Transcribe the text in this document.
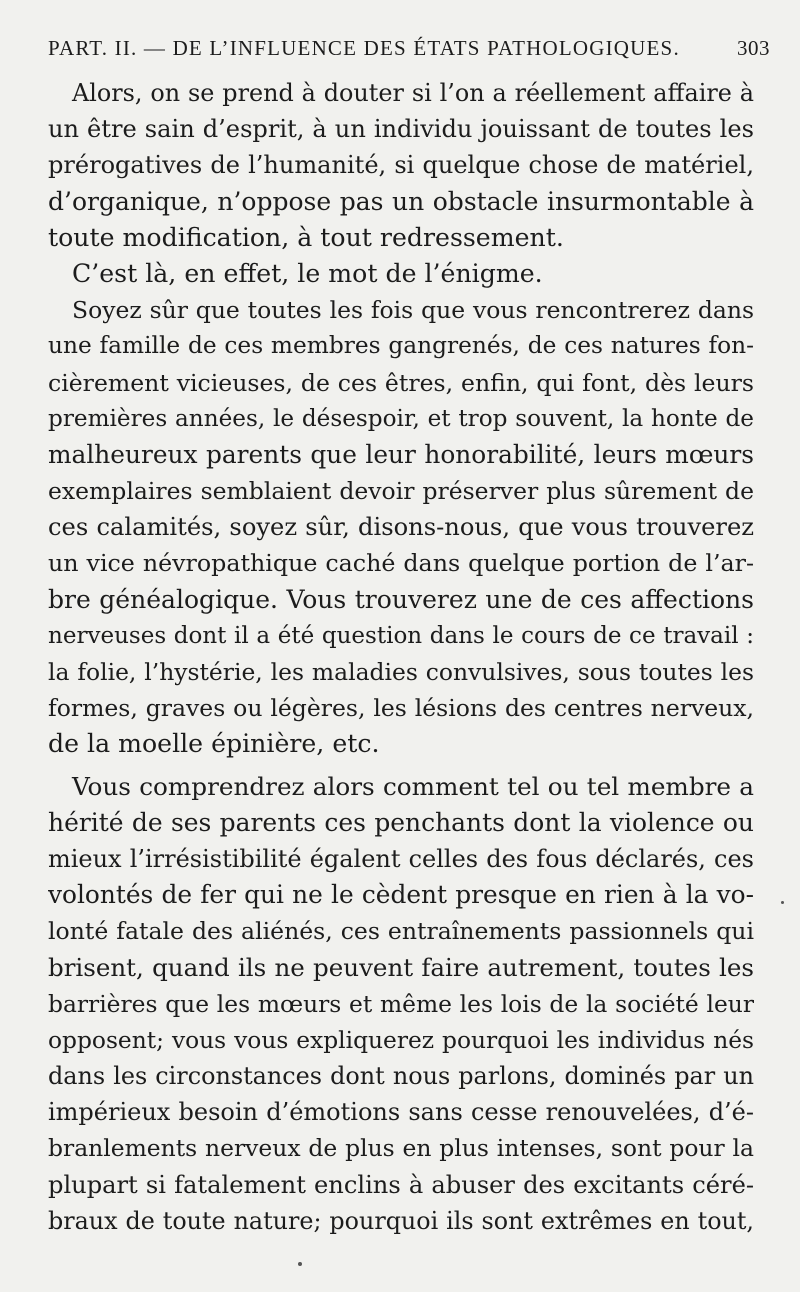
PART. II. — DE L’INFLUENCE DES ÉTATS PATHOLOGIQUES.	303
Alors, on se prend à douter si l’on a réellement affaire à
un être sain d’esprit, à un individu jouissant de toutes les
prérogatives de l’humanité, si quelque chose de matériel,
d’organique, n’oppose pas un obstacle insurmontable à
toute modification, à tout redressement.
C’est là, en effet, le mot de l’énigme.
Soyez sûr que toutes les fois que vous rencontrerez dans
une famille de ces membres gangrenés, de ces natures fon-
cièrement vicieuses, de ces êtres, enfin, qui font, dès leurs
premières années, le désespoir, et trop souvent, la honte de
malheureux parents que leur honorabilité, leurs mœurs
exemplaires semblaient devoir préserver plus sûrement de
ces calamités, soyez sûr, disons-nous, que vous trouverez
un vice névropathique caché dans quelque portion de l’ar-
bre généalogique. Vous trouverez une de ces affections
nerveuses dont il a été question dans le cours de ce travail :
la folie, l’hystérie, les maladies convulsives, sous toutes les
formes, graves ou légères, les lésions des centres nerveux,
de la moelle épinière, etc.
Vous comprendrez alors comment tel ou tel membre a
hérité de ses parents ces penchants dont la violence ou
mieux l’irrésistibilité égalent celles des fous déclarés, ces
volontés de fer qui ne le cèdent presque en rien à la vo-
lonté fatale des aliénés, ces entraînements passionnels qui
brisent, quand ils ne peuvent faire autrement, toutes les
barrières que les mœurs et même les lois de la société leur
opposent; vous vous expliquerez pourquoi les individus nés
dans les circonstances dont nous parlons, dominés par un
impérieux besoin d’émotions sans cesse renouvelées, d’é-
branlements nerveux de plus en plus intenses, sont pour la
plupart si fatalement enclins à abuser des excitants céré-
braux de toute nature; pourquoi ils sont extrêmes en tout,
